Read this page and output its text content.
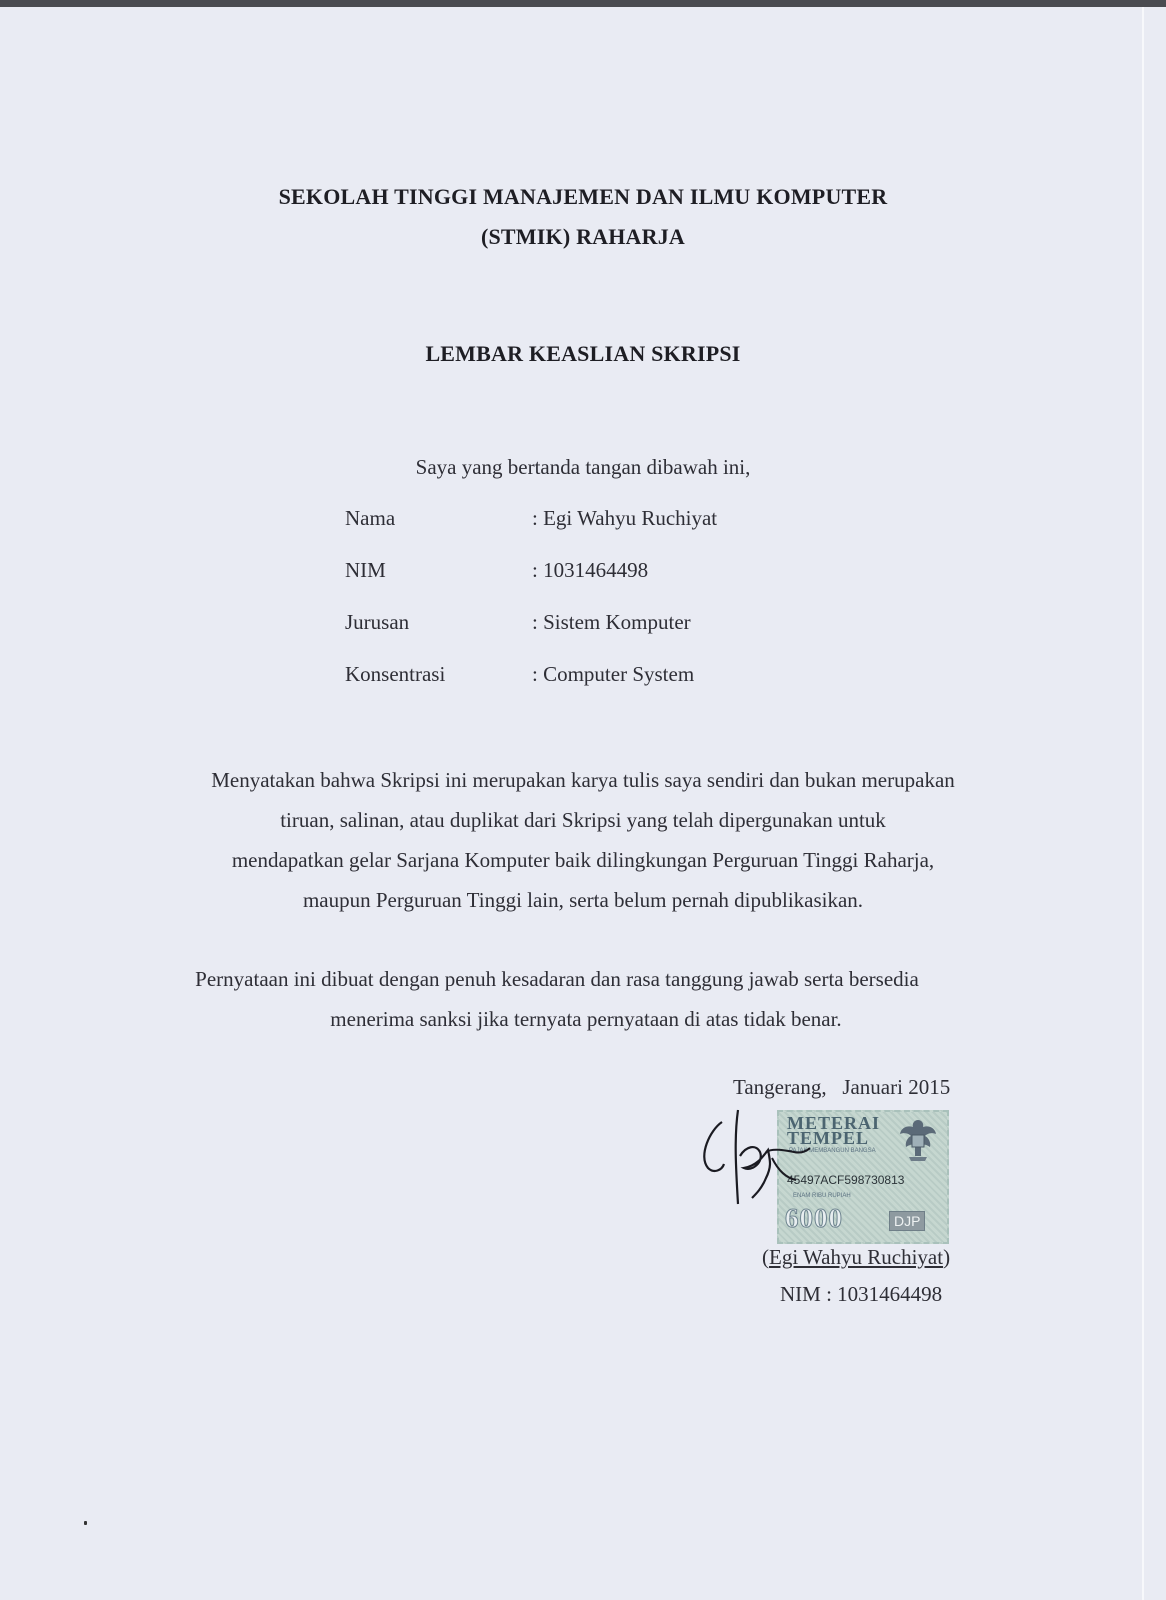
SEKOLAH TINGGI MANAJEMEN DAN ILMU KOMPUTER
(STMIK) RAHARJA
LEMBAR KEASLIAN SKRIPSI
Saya yang bertanda tangan dibawah ini,
Nama	: Egi Wahyu Ruchiyat
NIM	: 1031464498
Jurusan	: Sistem Komputer
Konsentrasi	: Computer System
Menyatakan bahwa Skripsi ini merupakan karya tulis saya sendiri dan bukan merupakan
tiruan, salinan, atau duplikat dari Skripsi yang telah dipergunakan untuk
mendapatkan gelar Sarjana Komputer baik dilingkungan Perguruan Tinggi Raharja,
maupun Perguruan Tinggi lain, serta belum pernah dipublikasikan.
Pernyataan ini dibuat dengan penuh kesadaran dan rasa tanggung jawab serta bersedia
menerima sanksi jika ternyata pernyataan di atas tidak benar.
Tangerang,   Januari 2015
METERAI
TEMPEL
PAJAK MEMBANGUN BANGSA
45497ACF598730813
ENAM RIBU RUPIAH
6000	DJP
(Egi Wahyu Ruchiyat)
NIM : 1031464498
